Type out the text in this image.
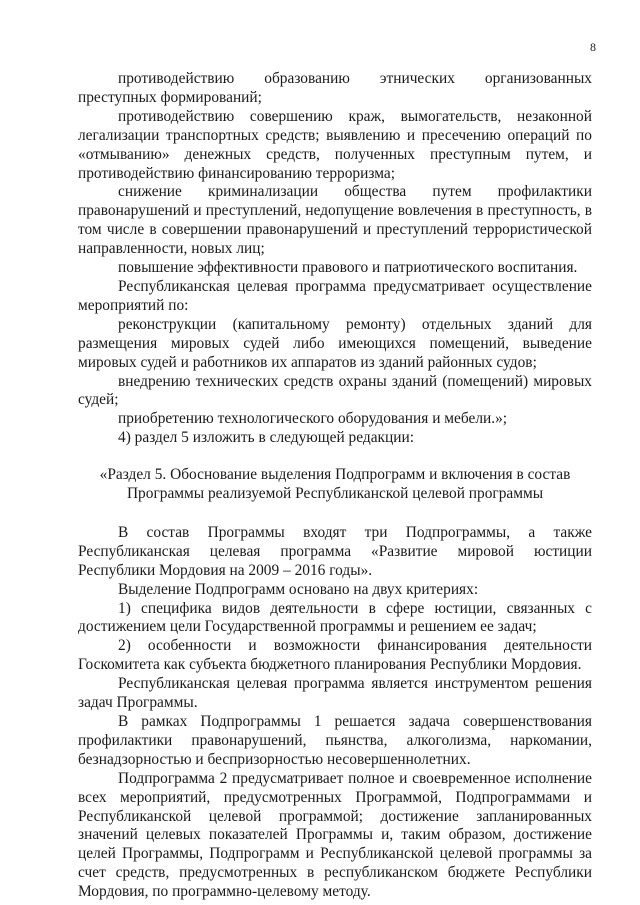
8

противодействию образованию этнических организованных преступных формирований;

противодействию совершению краж, вымогательств, незаконной легализации транспортных средств; выявлению и пресечению операций по «отмыванию» денежных средств, полученных преступным путем, и противодействию финансированию терроризма;

снижение криминализации общества путем профилактики правонарушений и преступлений, недопущение вовлечения в преступность, в том числе в совершении правонарушений и преступлений террористической направленности, новых лиц;

повышение эффективности правового и патриотического воспитания.

Республиканская целевая программа предусматривает осуществление мероприятий по:

реконструкции (капитальному ремонту) отдельных зданий для размещения мировых судей либо имеющихся помещений, выведение мировых судей и работников их аппаратов из зданий районных судов;

внедрению технических средств охраны зданий (помещений) мировых судей;

приобретению технологического оборудования и мебели.»;

4) раздел 5 изложить в следующей редакции:

«Раздел 5. Обоснование выделения Подпрограмм и включения в состав Программы реализуемой Республиканской целевой программы

В состав Программы входят три Подпрограммы, а также Республиканская целевая программа «Развитие мировой юстиции Республики Мордовия на 2009 – 2016 годы».

Выделение Подпрограмм основано на двух критериях:

1) специфика видов деятельности в сфере юстиции, связанных с достижением цели Государственной программы и решением ее задач;

2) особенности и возможности финансирования деятельности Госкомитета как субъекта бюджетного планирования Республики Мордовия.

Республиканская целевая программа является инструментом решения задач Программы.

В рамках Подпрограммы 1 решается задача совершенствования профилактики правонарушений, пьянства, алкоголизма, наркомании, безнадзорностью и беспризорностью несовершеннолетних.

Подпрограмма 2 предусматривает полное и своевременное исполнение всех мероприятий, предусмотренных Программой, Подпрограммами и Республиканской целевой программой; достижение запланированных значений целевых показателей Программы и, таким образом, достижение целей Программы, Подпрограмм и Республиканской целевой программы за счет средств, предусмотренных в республиканском бюджете Республики Мордовия, по программно-целевому методу.
